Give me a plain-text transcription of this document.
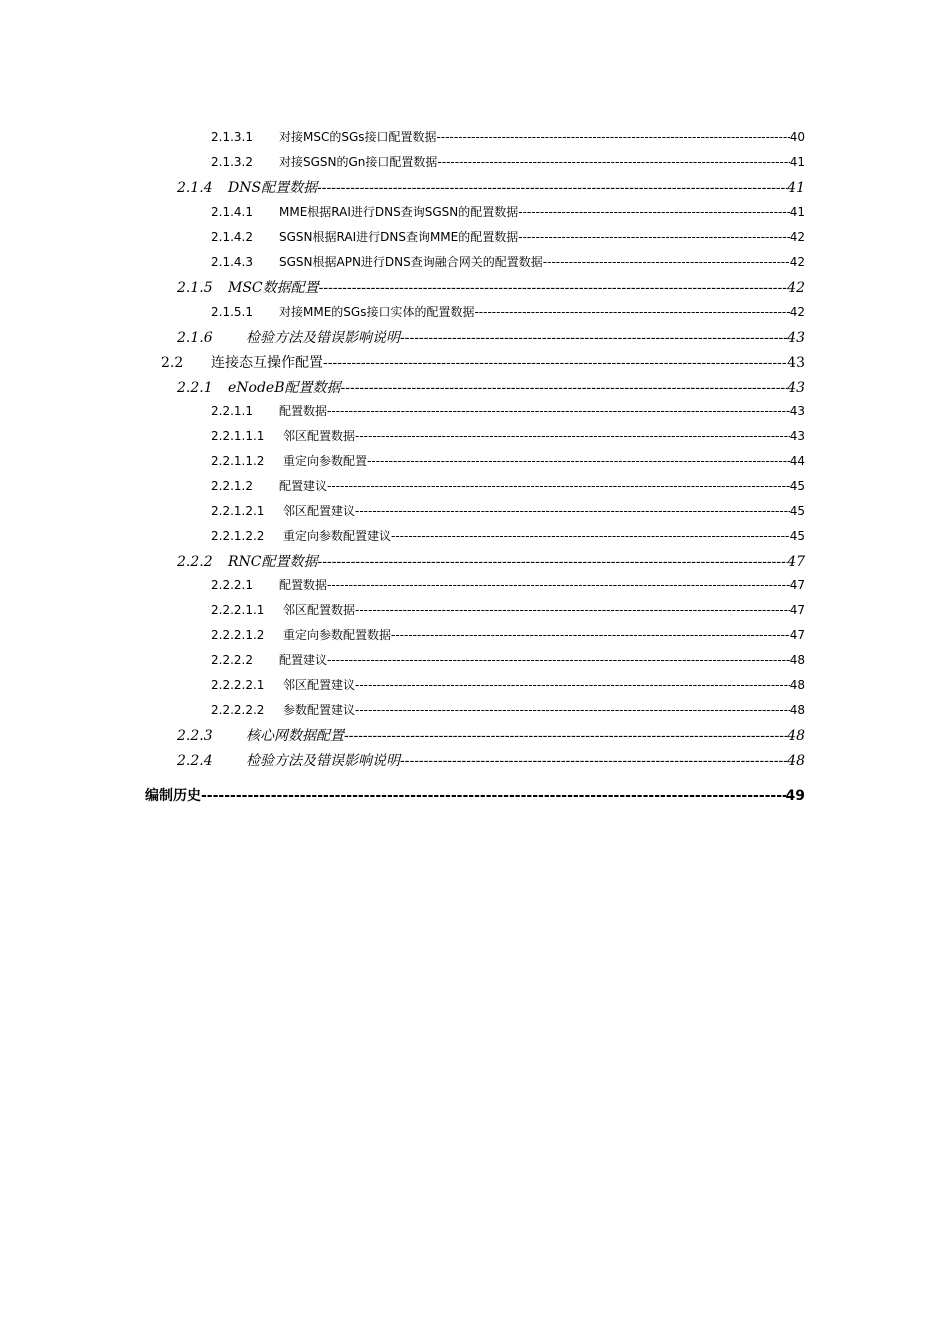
2.1.3.1	对接MSC的SGs接口配置数据 -----	40
2.1.3.2	对接SGSN的Gn接口配置数据 -----	41
2.1.4	DNS配置数据 -----	41
2.1.4.1	MME根据RAI进行DNS查询SGSN的配置数据 -----	41
2.1.4.2	SGSN根据RAI进行DNS查询MME的配置数据 -----	42
2.1.4.3	SGSN根据APN进行DNS查询融合网关的配置数据 -----	42
2.1.5	MSC数据配置 -----	42
2.1.5.1	对接MME的SGs接口实体的配置数据 -----	42
2.1.6	检验方法及错误影响说明 -----	43
2.2	连接态互操作配置 -----	43
2.2.1	eNodeB配置数据 -----	43
2.2.1.1	配置数据 -----	43
2.2.1.1.1	邻区配置数据 -----	43
2.2.1.1.2	重定向参数配置 -----	44
2.2.1.2	配置建议 -----	45
2.2.1.2.1	邻区配置建议 -----	45
2.2.1.2.2	重定向参数配置建议 -----	45
2.2.2	RNC配置数据 -----	47
2.2.2.1	配置数据 -----	47
2.2.2.1.1	邻区配置数据 -----	47
2.2.2.1.2	重定向参数配置数据 -----	47
2.2.2.2	配置建议 -----	48
2.2.2.2.1	邻区配置建议 -----	48
2.2.2.2.2	参数配置建议 -----	48
2.2.3	核心网数据配置 -----	48
2.2.4	检验方法及错误影响说明 -----	48
编制历史 -----	49
